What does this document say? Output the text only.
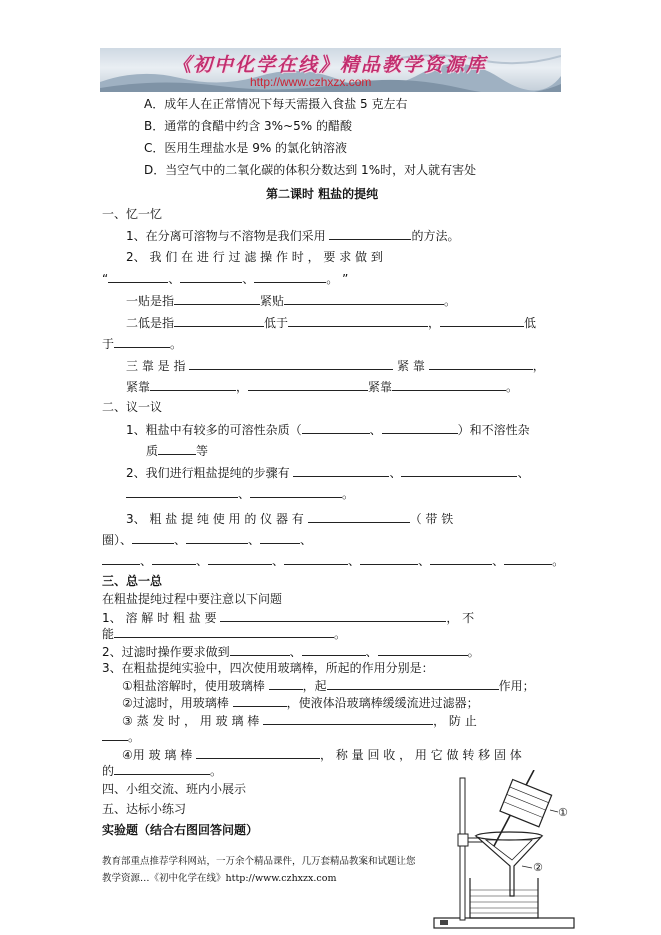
《初中化学在线》精品教学资源库
http://www.czhxzx.com
A．成年人在正常情况下每天需摄入食盐 5 克左右
B．通常的食醋中约含 3%~5% 的醋酸
C．医用生理盐水是 9% 的氯化钠溶液
D．当空气中的二氧化碳的体积分数达到 1%时，对人就有害处
第二课时 粗盐的提纯
一、忆一忆
1、在分离可溶物与不溶物是我们采用	的方法。
2、 我 们 在 进 行 过 滤 操 作 时 ， 要 求 做 到
“	、	、	。 ”
一贴是指	紧贴	。
二低是指	低于	，	低
于	。
三 靠 是 指	紧 靠	，
紧靠	，	紧靠	。
二、议一议
1、粗盐中有较多的可溶性杂质（	、	）和不溶性杂
质	等
2、我们进行粗盐提纯的步骤有	、	、
、	。
3、 粗 盐 提 纯 使 用 的 仪 器 有	（ 带 铁
圈）、	、	、	、
、	、	、	、	、	、	。
三、总一总
在粗盐提纯过程中要注意以下问题
1、 溶 解 时 粗 盐 要	， 不
能	。
2、过滤时操作要求做到	、	、	。
3、在粗盐提纯实验中，四次使用玻璃棒，所起的作用分别是：
①粗盐溶解时，使用玻璃棒	，起	作用；
②过滤时，用玻璃棒	，使液体沿玻璃棒缓缓流进过滤器；
③ 蒸 发 时 ， 用 玻 璃 棒	， 防 止
。
④用 玻 璃 棒	， 称 量 回 收 ， 用 它 做 转 移 固 体
的	。
四、小组交流、班内小展示
五、达标小练习
实验题（结合右图回答问题）
教育部重点推荐学科网站，一万余个精品课件，几万套精品教案和试题让您
教学资源…《初中化学在线》http://www.czhxzx.com
①
②
